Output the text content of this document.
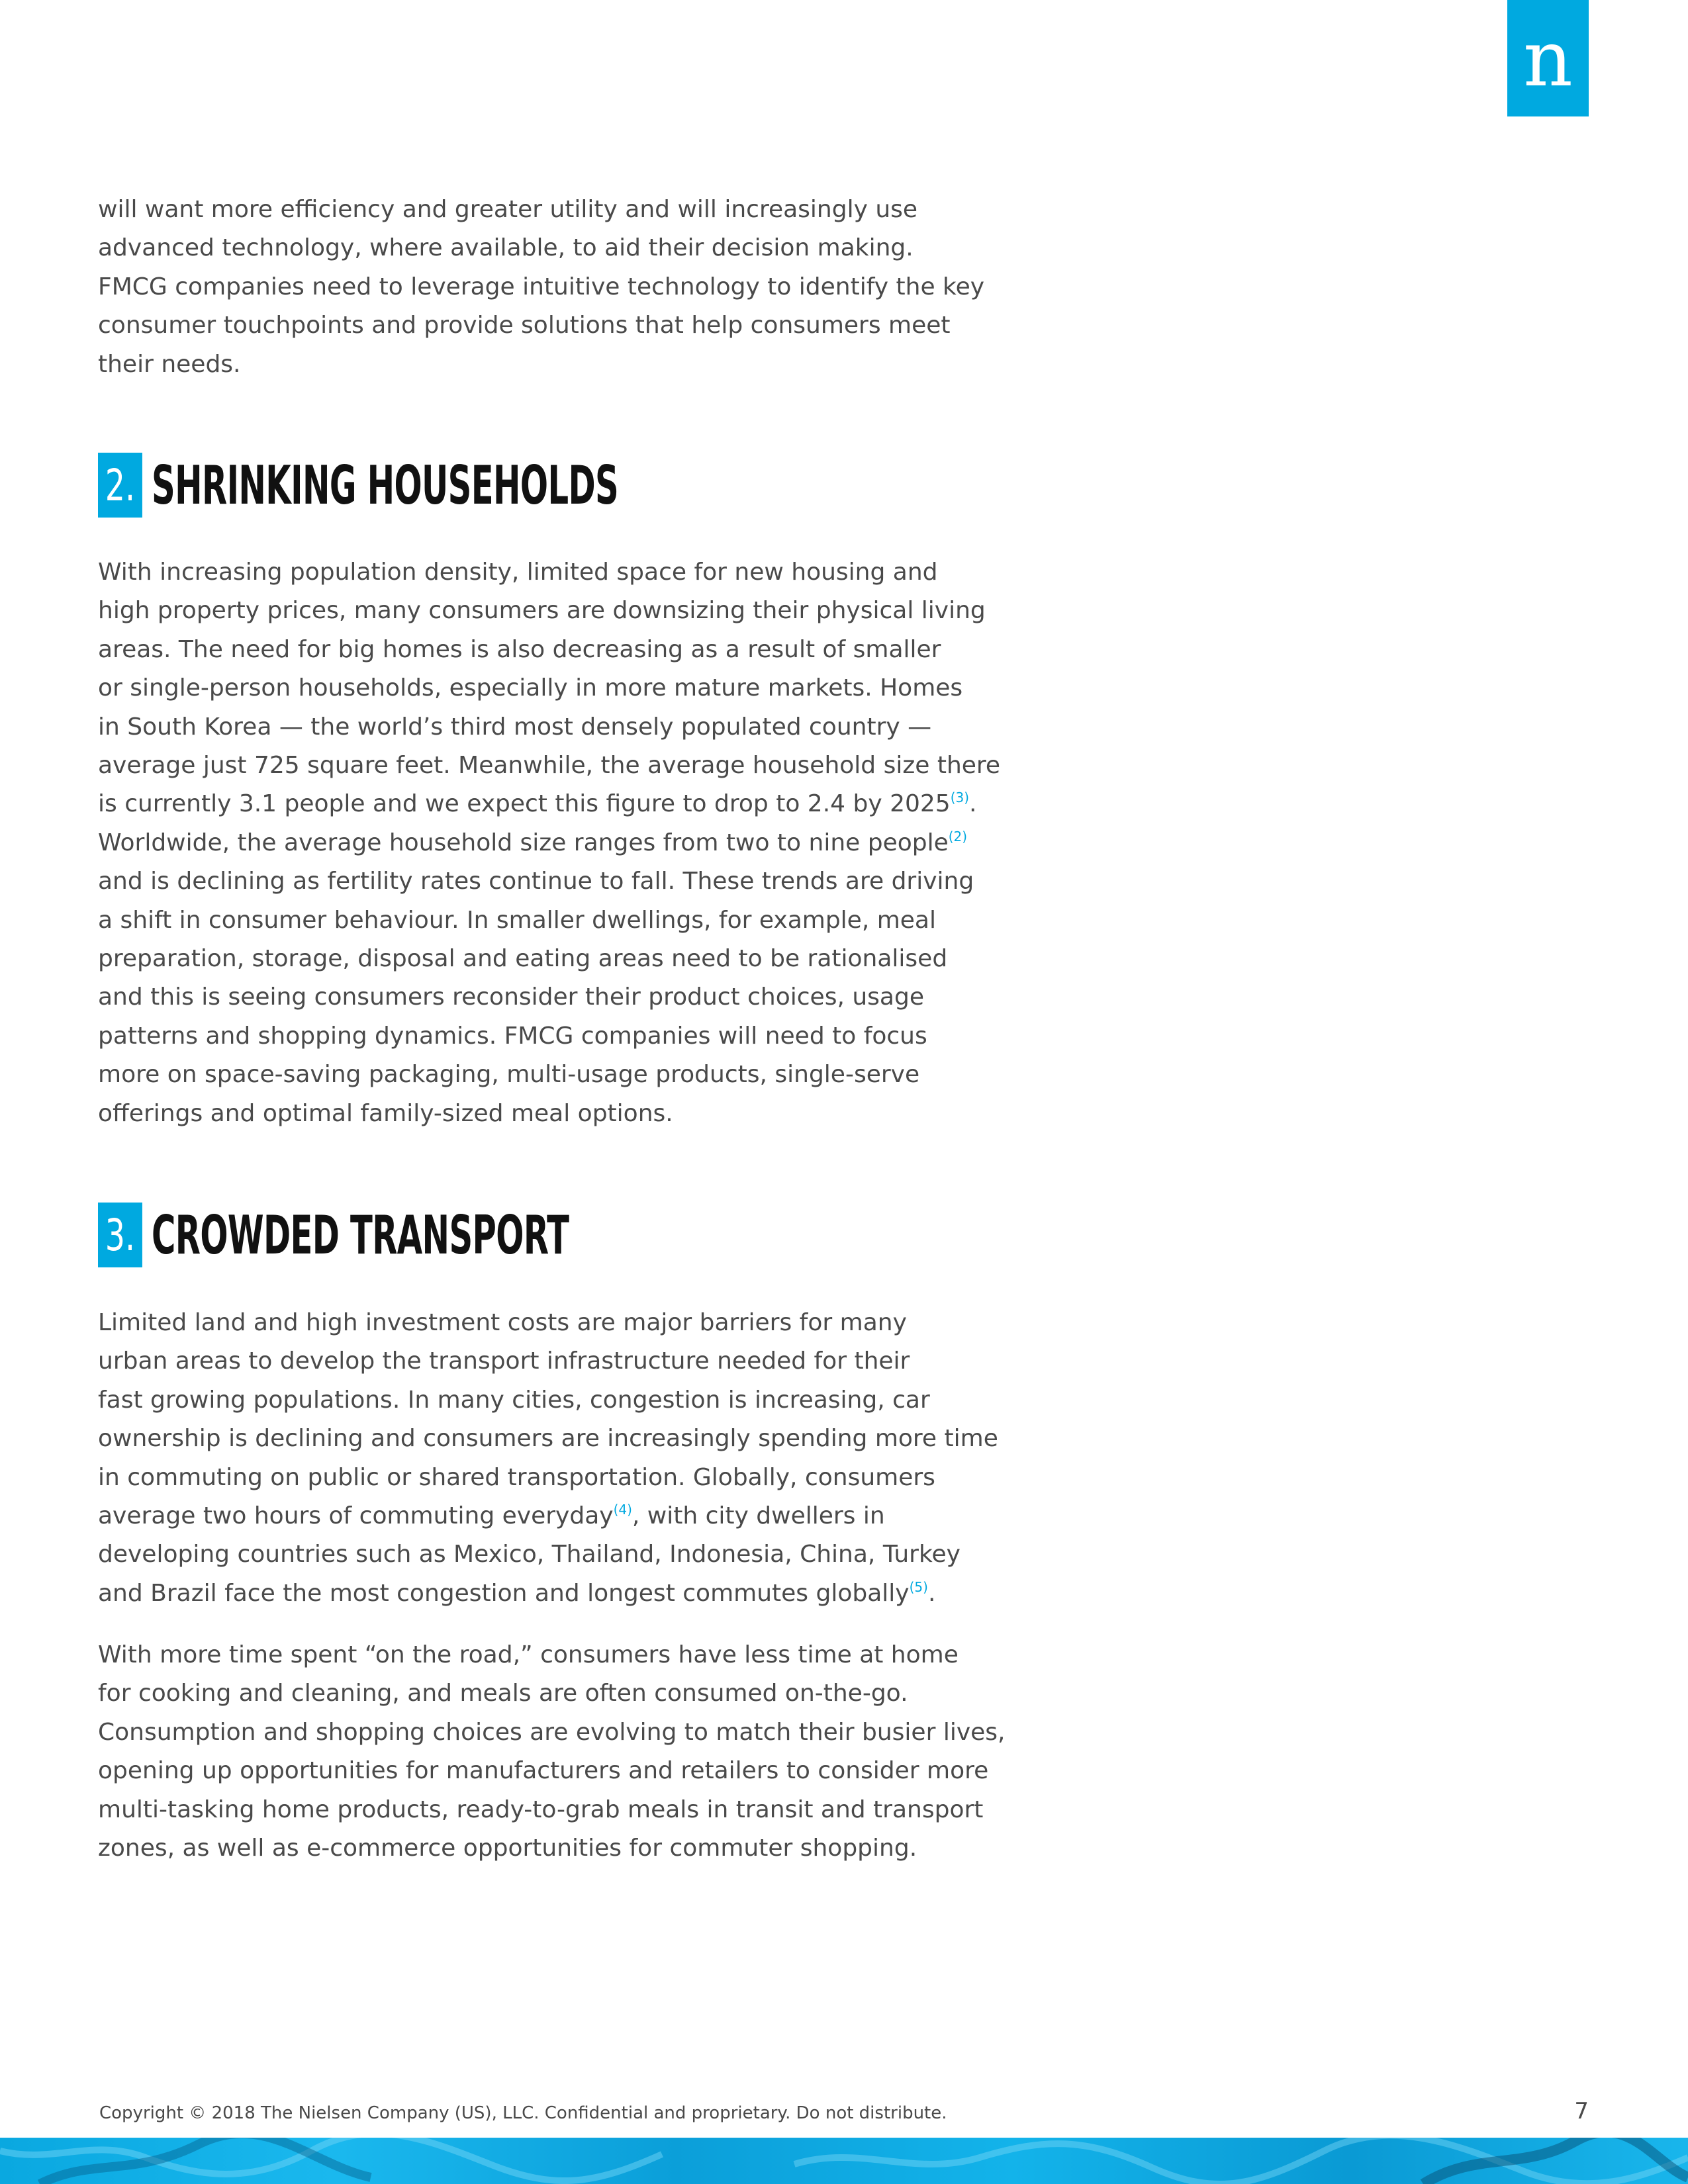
n

will want more efficiency and greater utility and will increasingly use
advanced technology, where available, to aid their decision making.
FMCG companies need to leverage intuitive technology to identify the key
consumer touchpoints and provide solutions that help consumers meet
their needs.

2. SHRINKING HOUSEHOLDS

With increasing population density, limited space for new housing and
high property prices, many consumers are downsizing their physical living
areas. The need for big homes is also decreasing as a result of smaller
or single-person households, especially in more mature markets. Homes
in South Korea — the world’s third most densely populated country —
average just 725 square feet. Meanwhile, the average household size there
is currently 3.1 people and we expect this figure to drop to 2.4 by 2025$^{(3)}$.
Worldwide, the average household size ranges from two to nine people$^{(2)}$
and is declining as fertility rates continue to fall. These trends are driving
a shift in consumer behaviour. In smaller dwellings, for example, meal
preparation, storage, disposal and eating areas need to be rationalised
and this is seeing consumers reconsider their product choices, usage
patterns and shopping dynamics. FMCG companies will need to focus
more on space-saving packaging, multi-usage products, single-serve
offerings and optimal family-sized meal options.

3. CROWDED TRANSPORT

Limited land and high investment costs are major barriers for many
urban areas to develop the transport infrastructure needed for their
fast growing populations. In many cities, congestion is increasing, car
ownership is declining and consumers are increasingly spending more time
in commuting on public or shared transportation. Globally, consumers
average two hours of commuting everyday$^{(4)}$, with city dwellers in
developing countries such as Mexico, Thailand, Indonesia, China, Turkey
and Brazil face the most congestion and longest commutes globally$^{(5)}$.

With more time spent “on the road,” consumers have less time at home
for cooking and cleaning, and meals are often consumed on-the-go.
Consumption and shopping choices are evolving to match their busier lives,
opening up opportunities for manufacturers and retailers to consider more
multi-tasking home products, ready-to-grab meals in transit and transport
zones, as well as e-commerce opportunities for commuter shopping.

Copyright © 2018 The Nielsen Company (US), LLC. Confidential and proprietary. Do not distribute.	7
